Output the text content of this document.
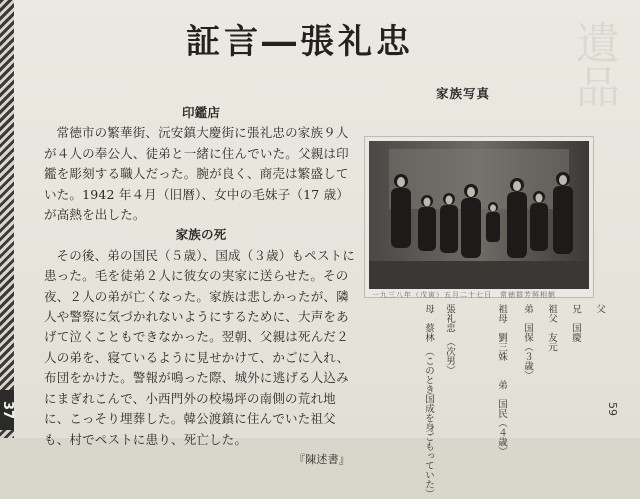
37
遺品
証言―張礼忠
印鑑店

常徳市の繁華街、沅安鎮大慶街に張礼忠の家族９人が４人の奉公人、徒弟と一緒に住んでいた。父親は印鑑を彫刻する職人だった。腕が良く、商売は繁盛していた。1942 年４月（旧暦）、女中の毛妹子（17 歳）が高熱を出した。

家族の死

その後、弟の国民（５歳）、国成（３歳）もペストに患った。毛を徒弟２人に彼女の実家に送らせた。その夜、２人の弟が亡くなった。家族は悲しかったが、隣人や警察に気づかれないようにするために、大声をあげて泣くこともできなかった。翌朝、父親は死んだ２人の弟を、寝ているように見せかけて、かごに入れ、布団をかけた。警報が鳴った際、城外に逃げる人込みにまぎれこんで、小西門外の校場坪の南側の荒れ地に、こっそり埋葬した。韓公渡鎮に住んでいた祖父も、村でペストに患り、死亡した。

『陳述書』
家族写真
一九三八年（戊寅）五月二十七日　常徳群芳照相館
父
兄　国慶
祖父　友元
弟　国保（３歳）
祖母　劉三姝　　弟　国民（４歳）
張礼忠　（次男）
母　蔡林　（このとき国成を身ごもっていた）	59
